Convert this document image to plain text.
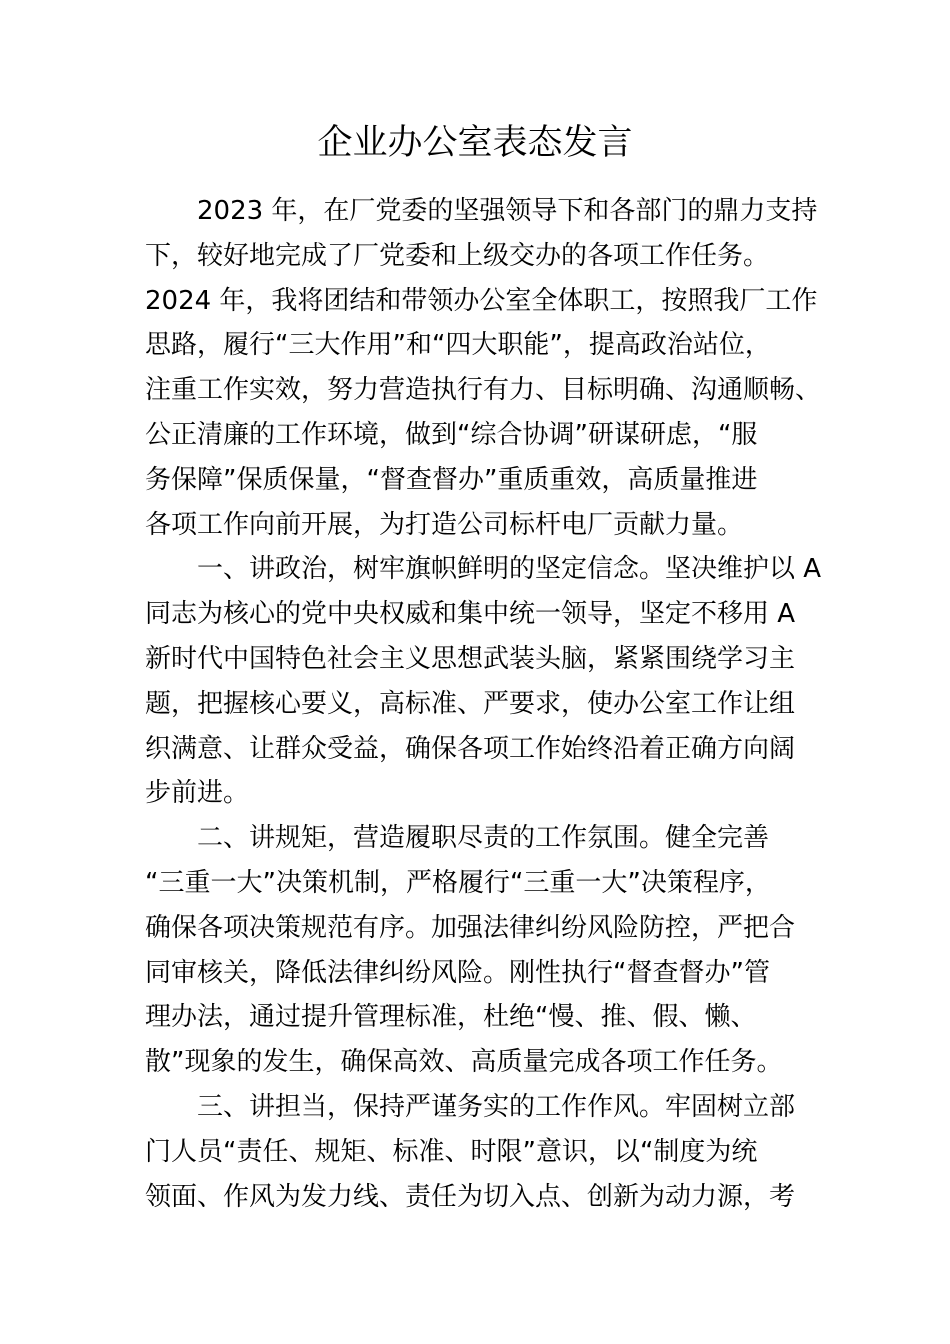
企业办公室表态发言
2023 年，在厂党委的坚强领导下和各部门的鼎力支持
下，较好地完成了厂党委和上级交办的各项工作任务。
2024 年，我将团结和带领办公室全体职工，按照我厂工作
思路，履行“三大作用”和“四大职能”，提高政治站位，
注重工作实效，努力营造执行有力、目标明确、沟通顺畅、
公正清廉的工作环境，做到“综合协调”研谋研虑，“服
务保障”保质保量，“督查督办”重质重效，高质量推进
各项工作向前开展，为打造公司标杆电厂贡献力量。
一、讲政治，树牢旗帜鲜明的坚定信念。坚决维护以 A
同志为核心的党中央权威和集中统一领导，坚定不移用 A
新时代中国特色社会主义思想武装头脑，紧紧围绕学习主
题，把握核心要义，高标准、严要求，使办公室工作让组
织满意、让群众受益，确保各项工作始终沿着正确方向阔
步前进。
二、讲规矩，营造履职尽责的工作氛围。健全完善
“三重一大”决策机制，严格履行“三重一大”决策程序，
确保各项决策规范有序。加强法律纠纷风险防控，严把合
同审核关，降低法律纠纷风险。刚性执行“督查督办”管
理办法，通过提升管理标准，杜绝“慢、推、假、懒、
散”现象的发生，确保高效、高质量完成各项工作任务。
三、讲担当，保持严谨务实的工作作风。牢固树立部
门人员“责任、规矩、标准、时限”意识，以“制度为统
领面、作风为发力线、责任为切入点、创新为动力源，考
